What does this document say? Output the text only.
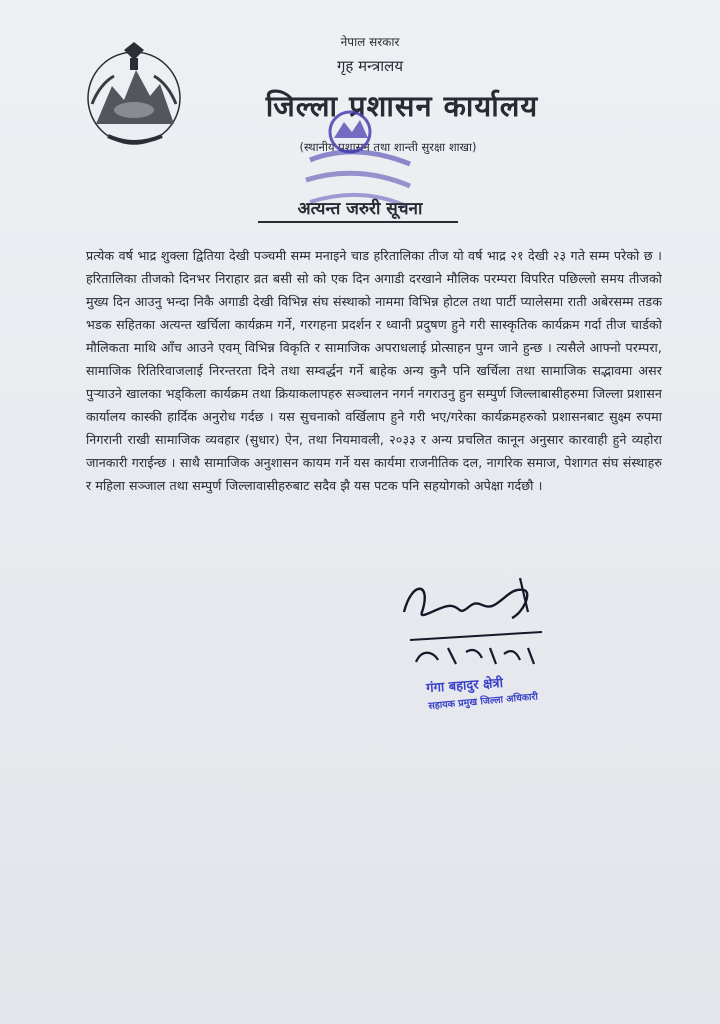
नेपाल सरकार
गृह मन्त्रालय
जिल्ला प्रशासन कार्यालय
(स्थानीय प्रशासन तथा शान्ती सुरक्षा शाखा)
अत्यन्त जरुरी सूचना
प्रत्येक वर्ष भाद्र शुक्ला द्वितिया देखी पञ्चमी सम्म मनाइने चाड हरितालिका तीज यो वर्ष भाद्र २१ देखी २३ गते सम्म परेको छ । हरितालिका तीजको दिनभर निराहार व्रत बसी सो को एक दिन अगाडी दरखाने मौलिक परम्परा विपरित पछिल्लो समय तीजको मुख्य दिन आउनु भन्दा निकै अगाडी देखी विभिन्न संघ संस्थाको नाममा विभिन्न होटल तथा पार्टी प्यालेसमा राती अबेरसम्म तडक भडक सहितका अत्यन्त खर्चिला कार्यक्रम गर्ने, गरगहना प्रदर्शन र ध्वानी प्रदुषण हुने गरी सास्कृतिक कार्यक्रम गर्दा तीज चार्डको मौलिकता माथि आँच आउने एवम् विभिन्न विकृति र सामाजिक अपराधलाई प्रोत्साहन पुग्न जाने हुन्छ । त्यसैले आफ्नो परम्परा, सामाजिक रितिरिवाजलाई निरन्तरता दिने तथा सम्वर्द्धन गर्ने बाहेक अन्य कुनै पनि खर्चिला तथा सामाजिक सद्भावमा असर पुऱ्याउने खालका भड्किला कार्यक्रम तथा क्रियाकलापहरु सञ्चालन नगर्न नगराउनु हुन सम्पुर्ण जिल्लाबासीहरुमा जिल्ला प्रशासन कार्यालय कास्की हार्दिक अनुरोध गर्दछ । यस सुचनाको वर्खिलाप हुने गरी भए/गरेका कार्यक्रमहरुको प्रशासनबाट सुक्ष्म रुपमा निगरानी राखी सामाजिक व्यवहार (सुधार) ऐन, तथा नियमावली, २०३३ र अन्य प्रचलित कानून अनुसार कारवाही हुने व्यहोरा जानकारी गराईन्छ । साथै सामाजिक अनुशासन कायम गर्ने यस कार्यमा राजनीतिक दल, नागरिक समाज, पेशागत संघ संस्थाहरु र महिला सञ्जाल तथा सम्पुर्ण जिल्लावासीहरुबाट सदैव झै यस पटक पनि सहयोगको अपेक्षा गर्दछौ ।
गंगा बहादुर क्षेत्री
सहायक प्रमुख जिल्ला अधिकारी
